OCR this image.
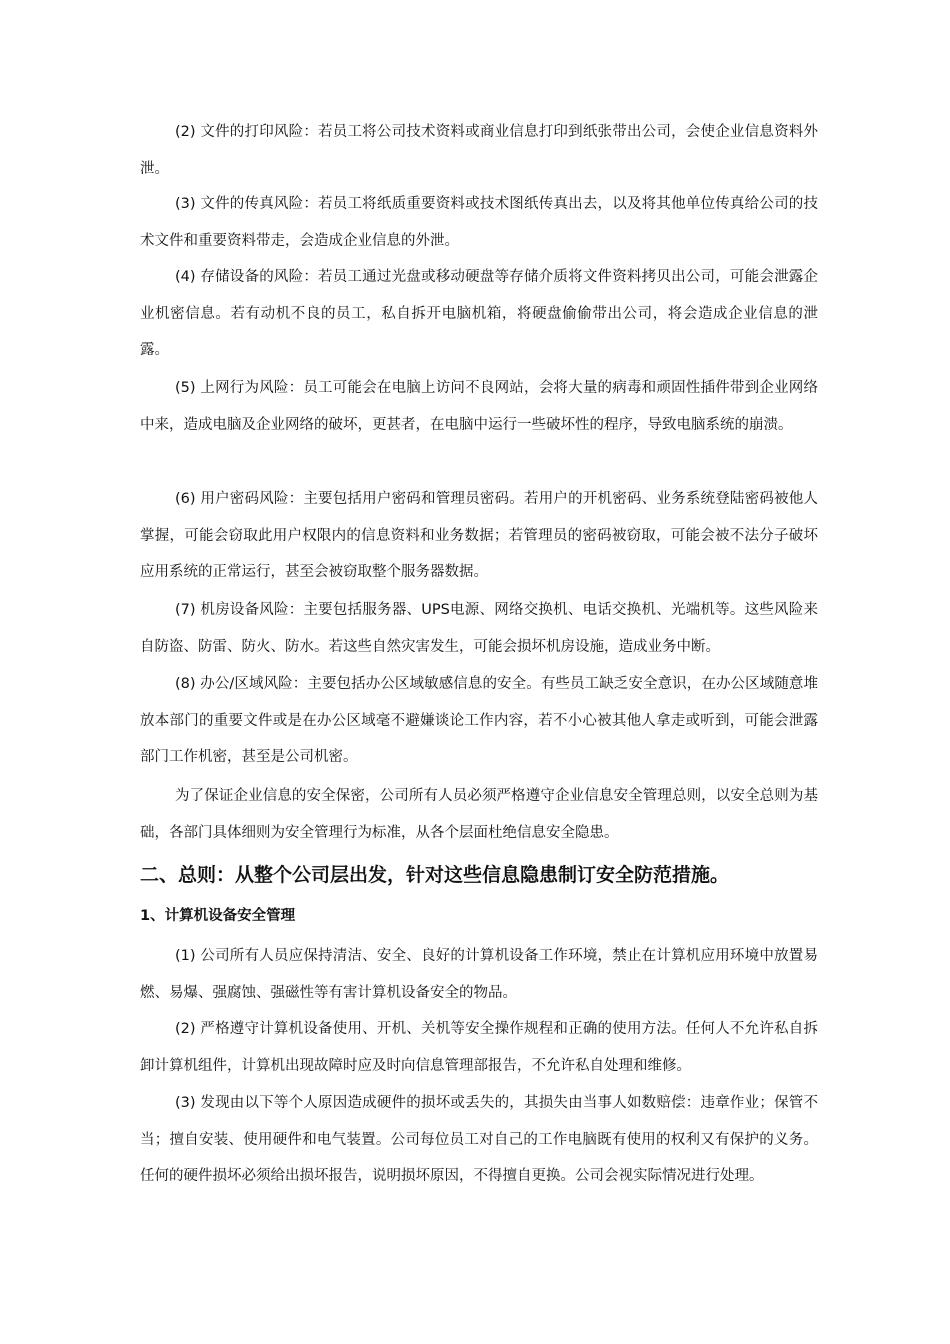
(2) 文件的打印风险：若员工将公司技术资料或商业信息打印到纸张带出公司，会使企业信息资料外泄。

(3) 文件的传真风险：若员工将纸质重要资料或技术图纸传真出去，以及将其他单位传真给公司的技术文件和重要资料带走，会造成企业信息的外泄。

(4) 存储设备的风险：若员工通过光盘或移动硬盘等存储介质将文件资料拷贝出公司，可能会泄露企业机密信息。若有动机不良的员工，私自拆开电脑机箱，将硬盘偷偷带出公司，将会造成企业信息的泄露。

(5) 上网行为风险：员工可能会在电脑上访问不良网站，会将大量的病毒和顽固性插件带到企业网络中来，造成电脑及企业网络的破坏，更甚者，在电脑中运行一些破坏性的程序，导致电脑系统的崩溃。

(6) 用户密码风险：主要包括用户密码和管理员密码。若用户的开机密码、业务系统登陆密码被他人掌握，可能会窃取此用户权限内的信息资料和业务数据；若管理员的密码被窃取，可能会被不法分子破坏应用系统的正常运行，甚至会被窃取整个服务器数据。

(7) 机房设备风险：主要包括服务器、UPS电源、网络交换机、电话交换机、光端机等。这些风险来自防盗、防雷、防火、防水。若这些自然灾害发生，可能会损坏机房设施，造成业务中断。

(8) 办公/区域风险：主要包括办公区域敏感信息的安全。有些员工缺乏安全意识，在办公区域随意堆放本部门的重要文件或是在办公区域毫不避嫌谈论工作内容，若不小心被其他人拿走或听到，可能会泄露部门工作机密，甚至是公司机密。

为了保证企业信息的安全保密，公司所有人员必须严格遵守企业信息安全管理总则，以安全总则为基础，各部门具体细则为安全管理行为标准，从各个层面杜绝信息安全隐患。

二、总则：从整个公司层出发，针对这些信息隐患制订安全防范措施。
1、计算机设备安全管理

(1) 公司所有人员应保持清洁、安全、良好的计算机设备工作环境，禁止在计算机应用环境中放置易燃、易爆、强腐蚀、强磁性等有害计算机设备安全的物品。

(2) 严格遵守计算机设备使用、开机、关机等安全操作规程和正确的使用方法。任何人不允许私自拆卸计算机组件，计算机出现故障时应及时向信息管理部报告，不允许私自处理和维修。

(3) 发现由以下等个人原因造成硬件的损坏或丢失的，其损失由当事人如数赔偿：违章作业；保管不当；擅自安装、使用硬件和电气装置。公司每位员工对自己的工作电脑既有使用的权利又有保护的义务。任何的硬件损坏必须给出损坏报告，说明损坏原因，不得擅自更换。公司会视实际情况进行处理。
